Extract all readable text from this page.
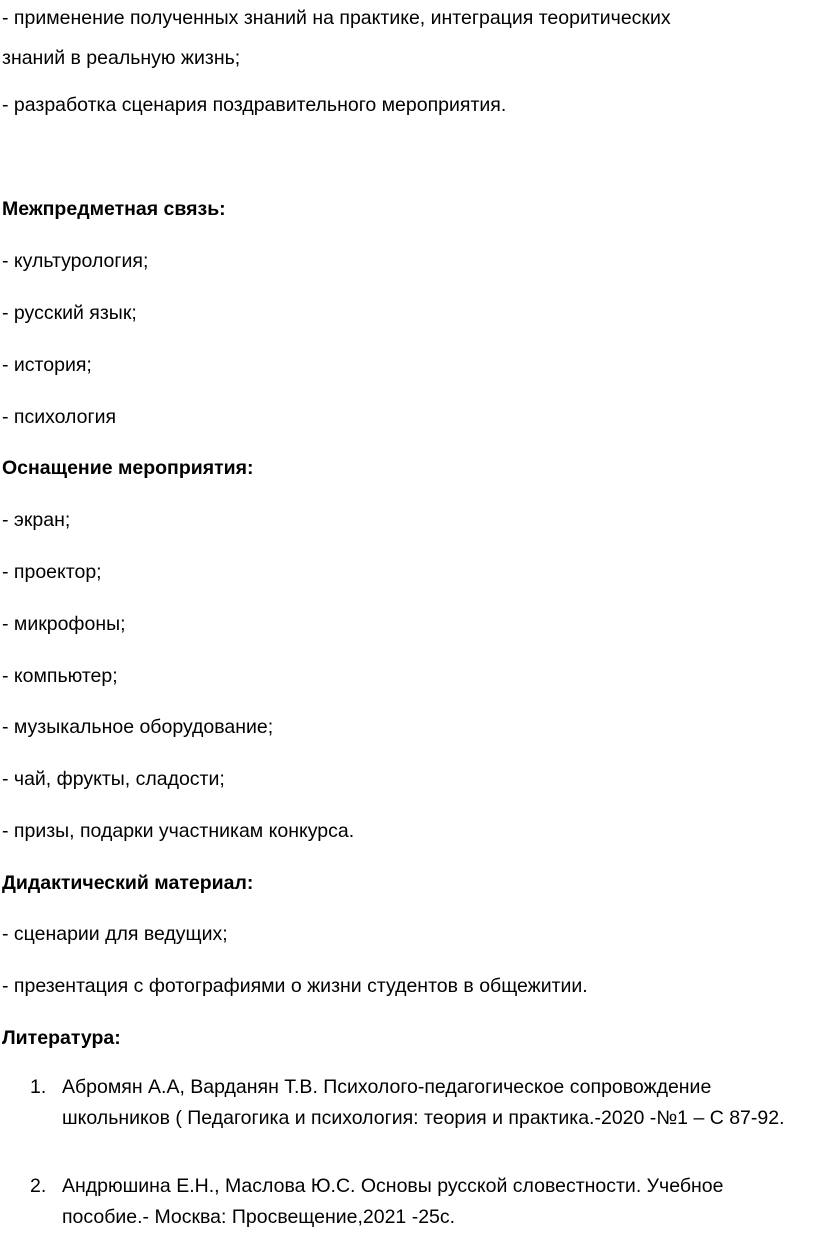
- применение полученных знаний на практике, интеграция теоритических

знаний в реальную жизнь;

- разработка сценария поздравительного мероприятия.

Межпредметная связь:

- культурология;

- русский язык;

- история;

- психология

Оснащение мероприятия:

- экран;

- проектор;

- микрофоны;

- компьютер;

- музыкальное оборудование;

- чай, фрукты, сладости;

- призы, подарки участникам конкурса.

Дидактический материал:

- сценарии для ведущих;

- презентация с фотографиями о жизни студентов в общежитии.

Литература:

1. Абромян А.А, Варданян Т.В. Психолого-педагогическое сопровождение школьников ( Педагогика и психология: теория и практика.-2020 -№1 – С 87-92.
2. Андрюшина Е.Н., Маслова Ю.С. Основы русской словестности. Учебное пособие.- Москва: Просвещение,2021 -25с.
